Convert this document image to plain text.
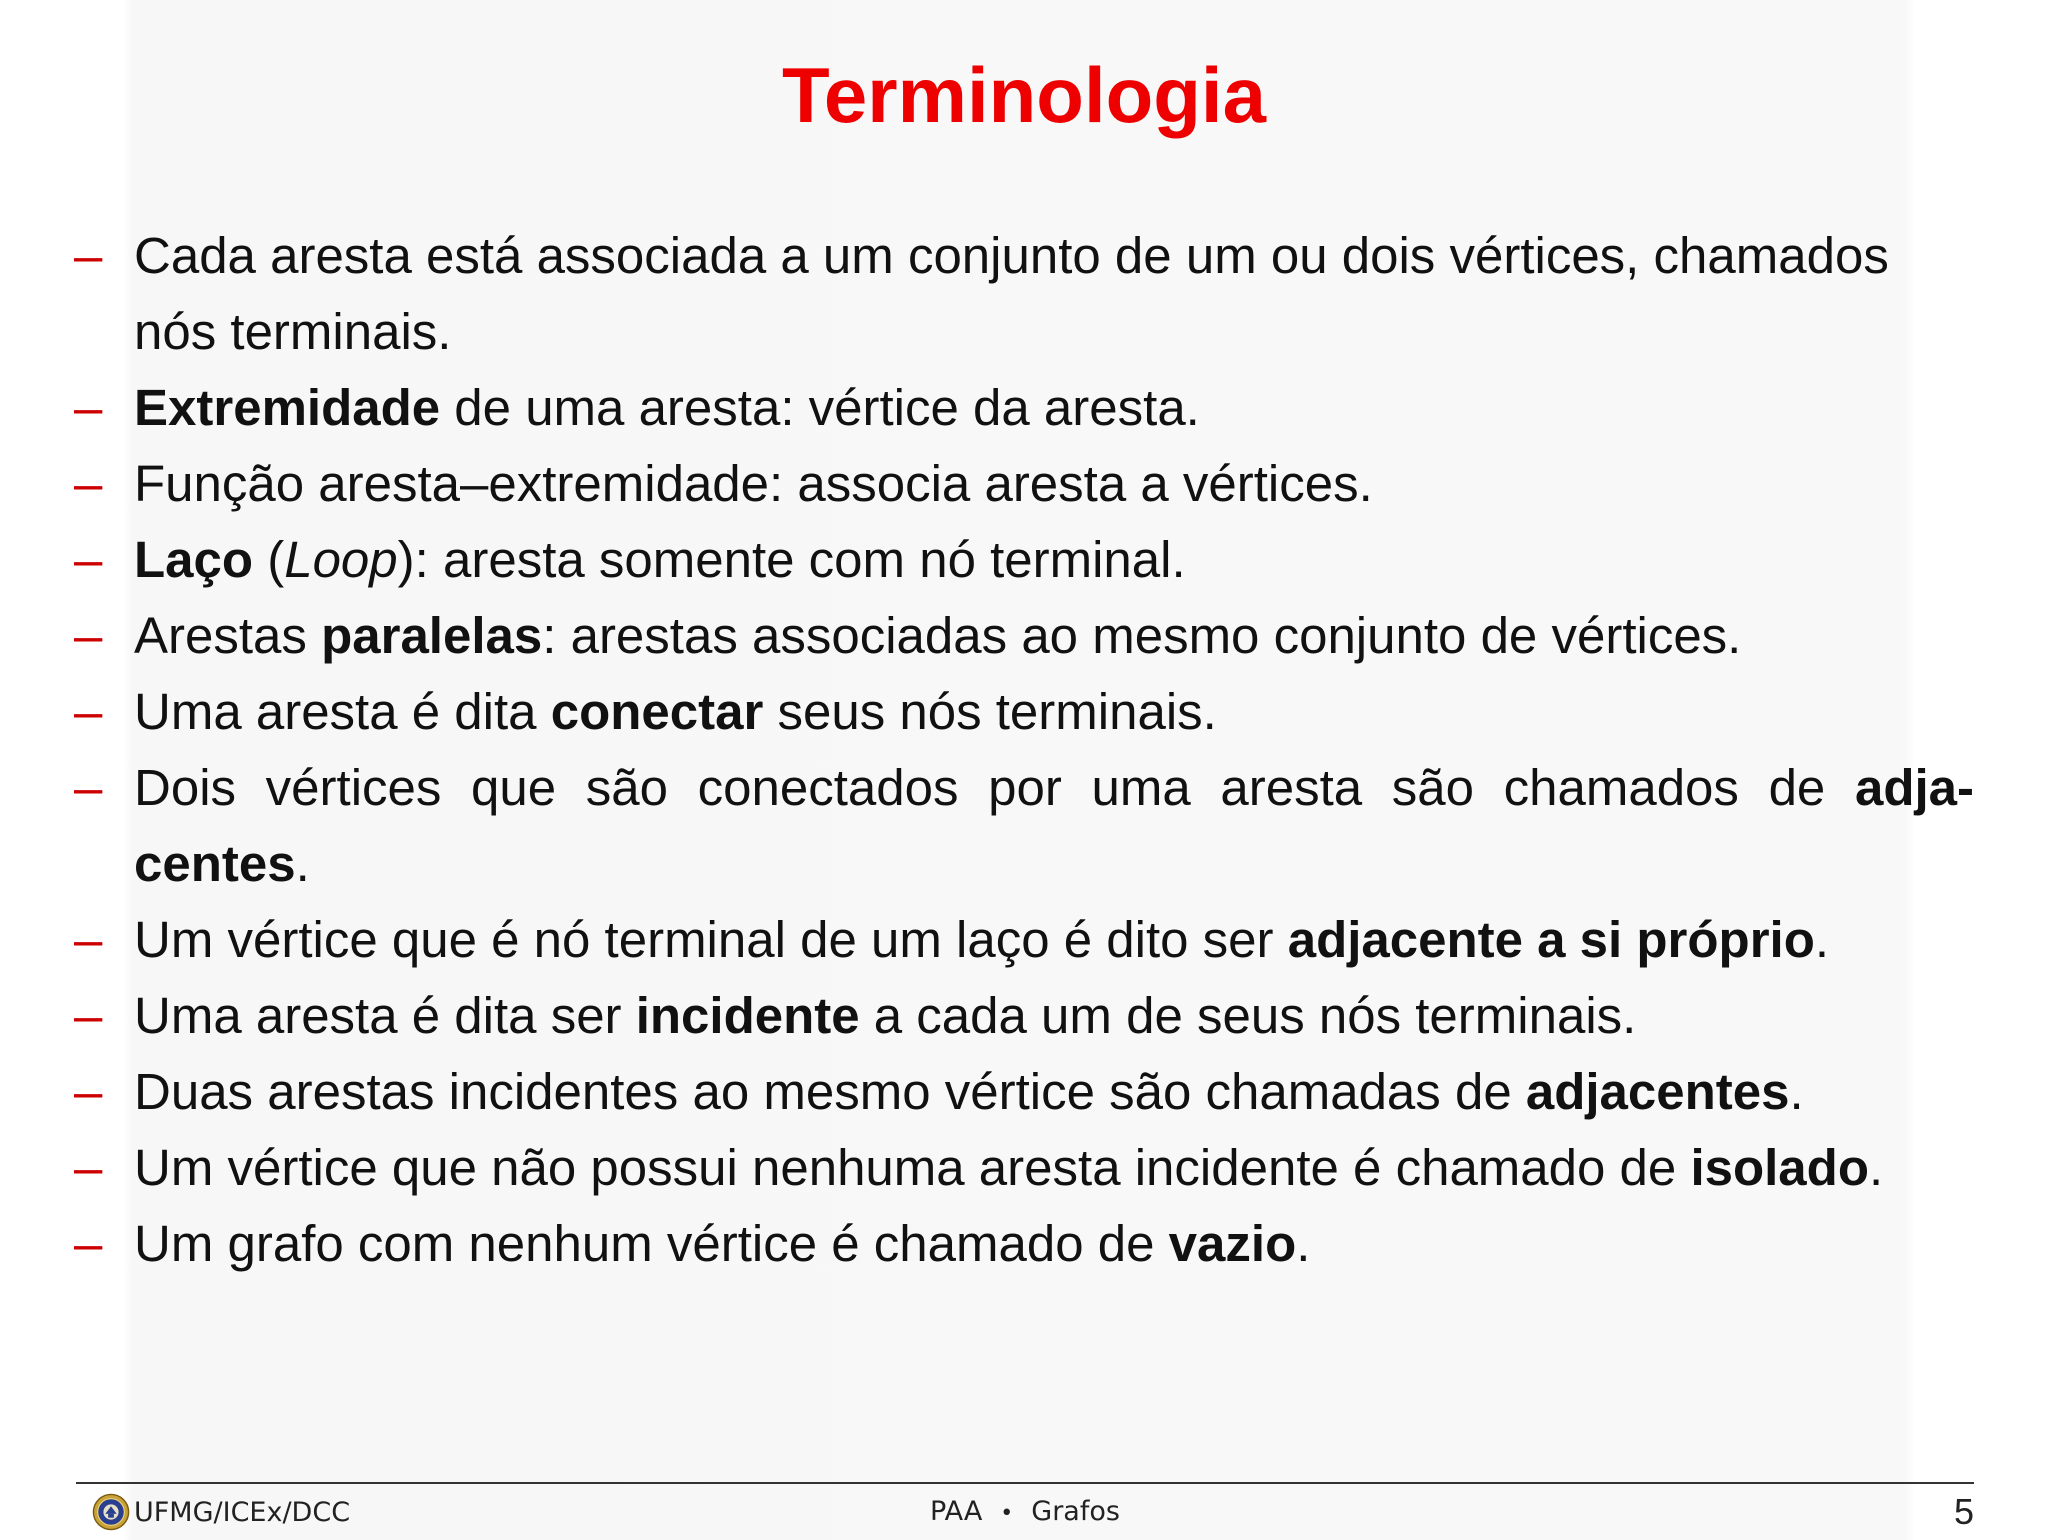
Terminologia
– Cada aresta está associada a um conjunto de um ou dois vértices, chamados nós terminais.
– Extremidade de uma aresta: vértice da aresta.
– Função aresta–extremidade: associa aresta a vértices.
– Laço (Loop): aresta somente com nó terminal.
– Arestas paralelas: arestas associadas ao mesmo conjunto de vértices.
– Uma aresta é dita conectar seus nós terminais.
– Dois vértices que são conectados por uma aresta são chamados de adja- centes.
– Um vértice que é nó terminal de um laço é dito ser adjacente a si próprio.
– Uma aresta é dita ser incidente a cada um de seus nós terminais.
– Duas arestas incidentes ao mesmo vértice são chamadas de adjacentes.
– Um vértice que não possui nenhuma aresta incidente é chamado de isolado.
– Um grafo com nenhum vértice é chamado de vazio.
UFMG/ICEx/DCC	PAA • Grafos	5
